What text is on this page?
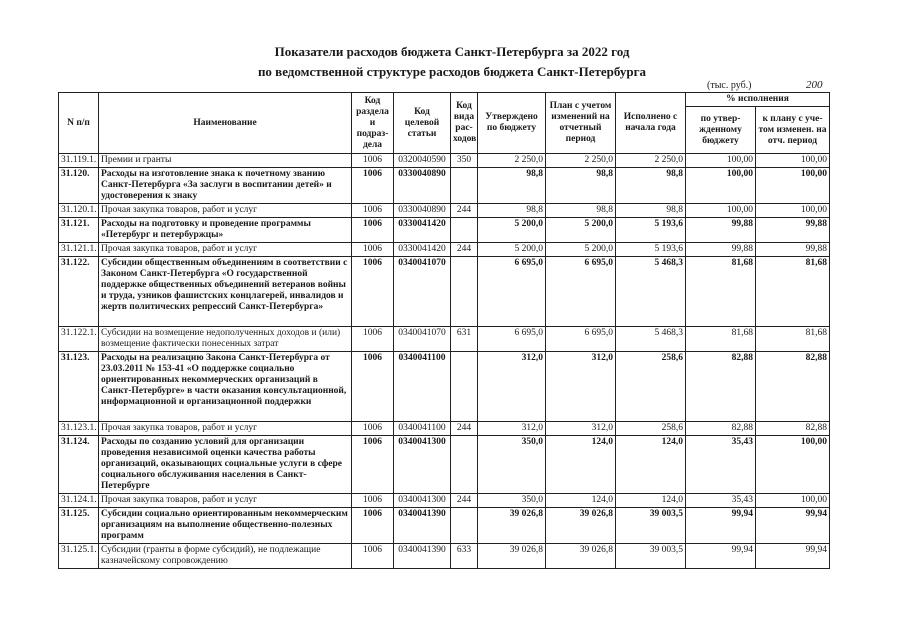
Показатели расходов бюджета Санкт-Петербурга за 2022 год
по ведомственной структуре расходов бюджета Санкт-Петербурга
(тыс. руб.)	200
N п/п	Наименование	Код раздела и подраз-дела	Код целевой статьи	Код вида рас-ходов	Утверждено по бюджету	План с учетом изменений на отчетный период	Исполнено с начала года	% исполнения	
								по утвер-жденному бюджету	к плану с уче-том изменен. на отч. период
31.119.1.	Премии и гранты	1006	0320040590	350	2 250,0	2 250,0	2 250,0	100,00	100,00
31.120.	Расходы на изготовление знака к почетному званию Санкт-Петербурга «За заслуги в воспитании детей» и удостоверения к знаку	1006	0330040890		98,8	98,8	98,8	100,00	100,00
31.120.1.	Прочая закупка товаров, работ и услуг	1006	0330040890	244	98,8	98,8	98,8	100,00	100,00
31.121.	Расходы на подготовку и проведение программы «Петербург и петербуржцы»	1006	0330041420		5 200,0	5 200,0	5 193,6	99,88	99,88
31.121.1.	Прочая закупка товаров, работ и услуг	1006	0330041420	244	5 200,0	5 200,0	5 193,6	99,88	99,88
31.122.	Субсидии общественным объединениям в соответствии с Законом Санкт-Петербурга «О государственной поддержке общественных объединений ветеранов войны и труда, узников фашистских концлагерей, инвалидов и жертв политических репрессий Санкт-Петербурга»	1006	0340041070		6 695,0	6 695,0	5 468,3	81,68	81,68
31.122.1.	Субсидии на возмещение недополученных доходов и (или) возмещение фактически понесенных затрат	1006	0340041070	631	6 695,0	6 695,0	5 468,3	81,68	81,68
31.123.	Расходы на реализацию Закона Санкт-Петербурга от 23.03.2011 № 153-41 «О поддержке социально ориентированных некоммерческих организаций в Санкт-Петербурге» в части оказания консультационной, информационной и организационной поддержки	1006	0340041100		312,0	312,0	258,6	82,88	82,88
31.123.1.	Прочая закупка товаров, работ и услуг	1006	0340041100	244	312,0	312,0	258,6	82,88	82,88
31.124.	Расходы по созданию условий для организации проведения независимой оценки качества работы организаций, оказывающих социальные услуги в сфере социального обслуживания населения в Санкт-Петербурге	1006	0340041300		350,0	124,0	124,0	35,43	100,00
31.124.1.	Прочая закупка товаров, работ и услуг	1006	0340041300	244	350,0	124,0	124,0	35,43	100,00
31.125.	Субсидии социально ориентированным некоммерческим организациям на выполнение общественно-полезных программ	1006	0340041390		39 026,8	39 026,8	39 003,5	99,94	99,94
31.125.1.	Субсидии (гранты в форме субсидий), не подлежащие казначейскому сопровождению	1006	0340041390	633	39 026,8	39 026,8	39 003,5	99,94	99,94
